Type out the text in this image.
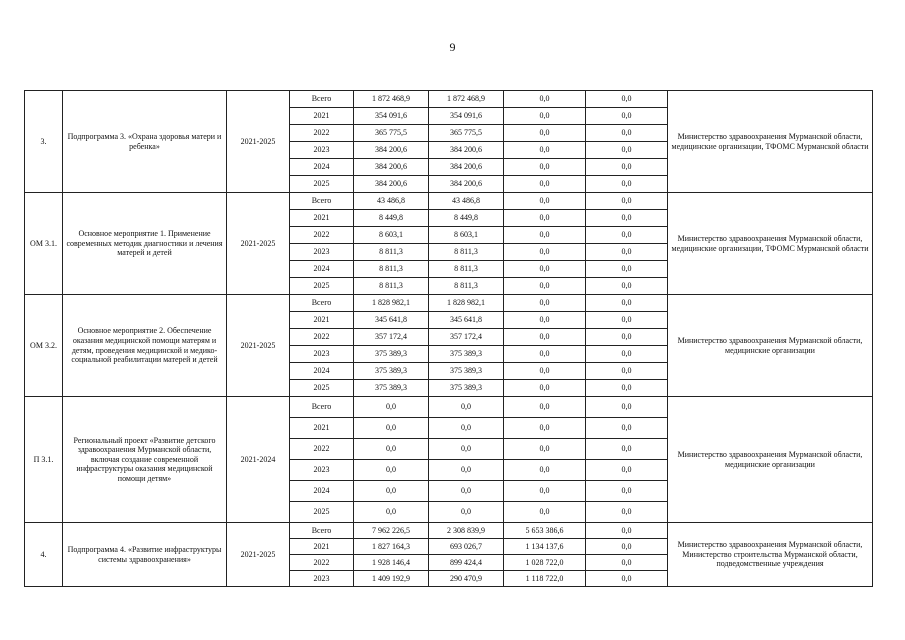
9
3.	Подпрограмма 3. «Охрана здоровья матери и ребенка»	2021-2025	Всего	1 872 468,9	1 872 468,9	0,0	0,0	Министерство здравоохранения Мурманской области, медицинские организации, ТФОМС Мурманской области
			2021	354 091,6	354 091,6	0,0	0,0	
			2022	365 775,5	365 775,5	0,0	0,0	
			2023	384 200,6	384 200,6	0,0	0,0	
			2024	384 200,6	384 200,6	0,0	0,0	
			2025	384 200,6	384 200,6	0,0	0,0	
ОМ 3.1.	Основное мероприятие 1. Применение современных методик диагностики и лечения матерей и детей	2021-2025	Всего	43 486,8	43 486,8	0,0	0,0	Министерство здравоохранения Мурманской области, медицинские организации, ТФОМС Мурманской области
			2021	8 449,8	8 449,8	0,0	0,0	
			2022	8 603,1	8 603,1	0,0	0,0	
			2023	8 811,3	8 811,3	0,0	0,0	
			2024	8 811,3	8 811,3	0,0	0,0	
			2025	8 811,3	8 811,3	0,0	0,0	
ОМ 3.2.	Основное мероприятие 2. Обеспечение оказания медицинской помощи матерям и детям, проведения медицинской и медико-социальной реабилитации матерей и детей	2021-2025	Всего	1 828 982,1	1 828 982,1	0,0	0,0	Министерство здравоохранения Мурманской области, медицинские организации
			2021	345 641,8	345 641,8	0,0	0,0	
			2022	357 172,4	357 172,4	0,0	0,0	
			2023	375 389,3	375 389,3	0,0	0,0	
			2024	375 389,3	375 389,3	0,0	0,0	
			2025	375 389,3	375 389,3	0,0	0,0	
П 3.1.	Региональный проект «Развитие детского здравоохранения Мурманской области, включая создание современной инфраструктуры оказания медицинской помощи детям»	2021-2024	Всего	0,0	0,0	0,0	0,0	Министерство здравоохранения Мурманской области, медицинские организации
			2021	0,0	0,0	0,0	0,0	
			2022	0,0	0,0	0,0	0,0	
			2023	0,0	0,0	0,0	0,0	
			2024	0,0	0,0	0,0	0,0	
			2025	0,0	0,0	0,0	0,0	
4.	Подпрограмма 4. «Развитие инфраструктуры системы здравоохранения»	2021-2025	Всего	7 962 226,5	2 308 839,9	5 653 386,6	0,0	Министерство здравоохранения Мурманской области, Министерство строительства Мурманской области, подведомственные учреждения
			2021	1 827 164,3	693 026,7	1 134 137,6	0,0	
			2022	1 928 146,4	899 424,4	1 028 722,0	0,0	
			2023	1 409 192,9	290 470,9	1 118 722,0	0,0	
